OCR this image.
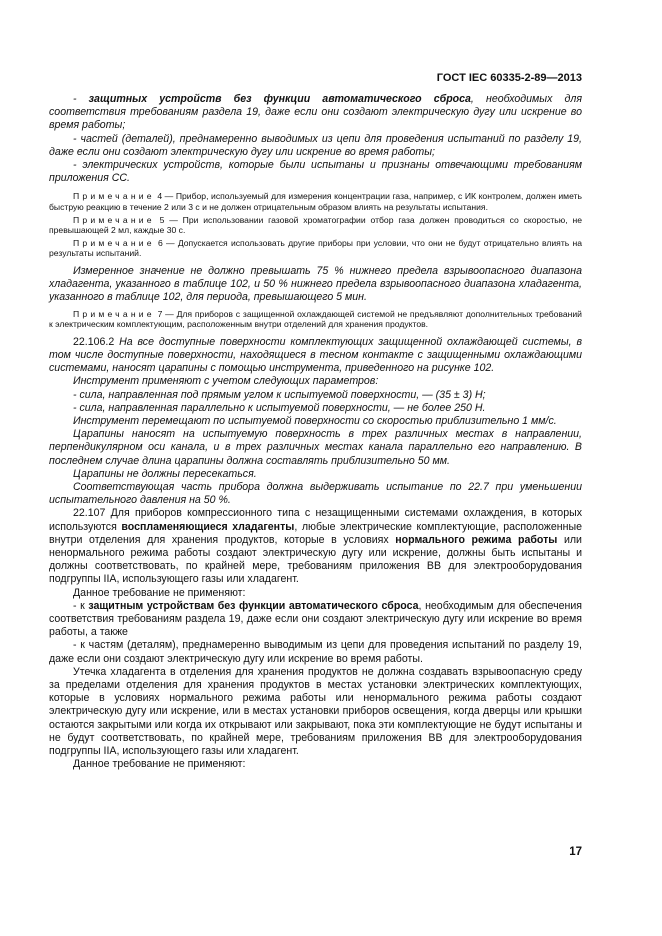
ГОСТ IEC 60335-2-89—2013

- защитных устройств без функции автоматического сброса, необходимых для соответствия требованиям раздела 19, даже если они создают электрическую дугу или искрение во время работы;

- частей (деталей), преднамеренно выводимых из цепи для проведения испытаний по разделу 19, даже если они создают электрическую дугу или искрение во время работы;

- электрических устройств, которые были испытаны и признаны отвечающими требованиям приложения СС.

Примечание 4 — Прибор, используемый для измерения концентрации газа, например, с ИК контролем, должен иметь быструю реакцию в течение 2 или 3 с и не должен отрицательным образом влиять на результаты испытания.

Примечание 5 — При использовании газовой хроматографии отбор газа должен проводиться со скоростью, не превышающей 2 мл, каждые 30 с.

Примечание 6 — Допускается использовать другие приборы при условии, что они не будут отрицательно влиять на результаты испытаний.

Измеренное значение не должно превышать 75 % нижнего предела взрывоопасного диапазона хладагента, указанного в таблице 102, и 50 % нижнего предела взрывоопасного диапазона хладагента, указанного в таблице 102, для периода, превышающего 5 мин.

Примечание 7 — Для приборов с защищенной охлаждающей системой не предъявляют дополнительных требований к электрическим комплектующим, расположенным внутри отделений для хранения продуктов.

22.106.2 На все доступные поверхности комплектующих защищенной охлаждающей системы, в том числе доступные поверхности, находящиеся в тесном контакте с защищенными охлаждающими системами, наносят царапины с помощью инструмента, приведенного на рисунке 102.

Инструмент применяют с учетом следующих параметров:

- сила, направленная под прямым углом к испытуемой поверхности, — (35 ± 3) Н;

- сила, направленная параллельно к испытуемой поверхности, — не более 250 Н.

Инструмент перемещают по испытуемой поверхности со скоростью приблизительно 1 мм/с.

Царапины наносят на испытуемую поверхность в трех различных местах в направлении, перпендикулярном оси канала, и в трех различных местах канала параллельно его направлению. В последнем случае длина царапины должна составлять приблизительно 50 мм.

Царапины не должны пересекаться.

Соответствующая часть прибора должна выдерживать испытание по 22.7 при уменьшении испытательного давления на 50 %.

22.107 Для приборов компрессионного типа с незащищенными системами охлаждения, в которых используются воспламеняющиеся хладагенты, любые электрические комплектующие, расположенные внутри отделения для хранения продуктов, которые в условиях нормального режима работы или ненормального режима работы создают электрическую дугу или искрение, должны быть испытаны и должны соответствовать, по крайней мере, требованиям приложения ВВ для электрооборудования подгруппы IIA, использующего газы или хладагент.

Данное требование не применяют:

- к защитным устройствам без функции автоматического сброса, необходимым для обеспечения соответствия требованиям раздела 19, даже если они создают электрическую дугу или искрение во время работы, а также

- к частям (деталям), преднамеренно выводимым из цепи для проведения испытаний по разделу 19, даже если они создают электрическую дугу или искрение во время работы.

Утечка хладагента в отделения для хранения продуктов не должна создавать взрывоопасную среду за пределами отделения для хранения продуктов в местах установки электрических комплектующих, которые в условиях нормального режима работы или ненормального режима работы создают электрическую дугу или искрение, или в местах установки приборов освещения, когда дверцы или крышки остаются закрытыми или когда их открывают или закрывают, пока эти комплектующие не будут испытаны и не будут соответствовать, по крайней мере, требованиям приложения ВВ для электрооборудования подгруппы IIA, использующего газы или хладагент.

Данное требование не применяют:

17
